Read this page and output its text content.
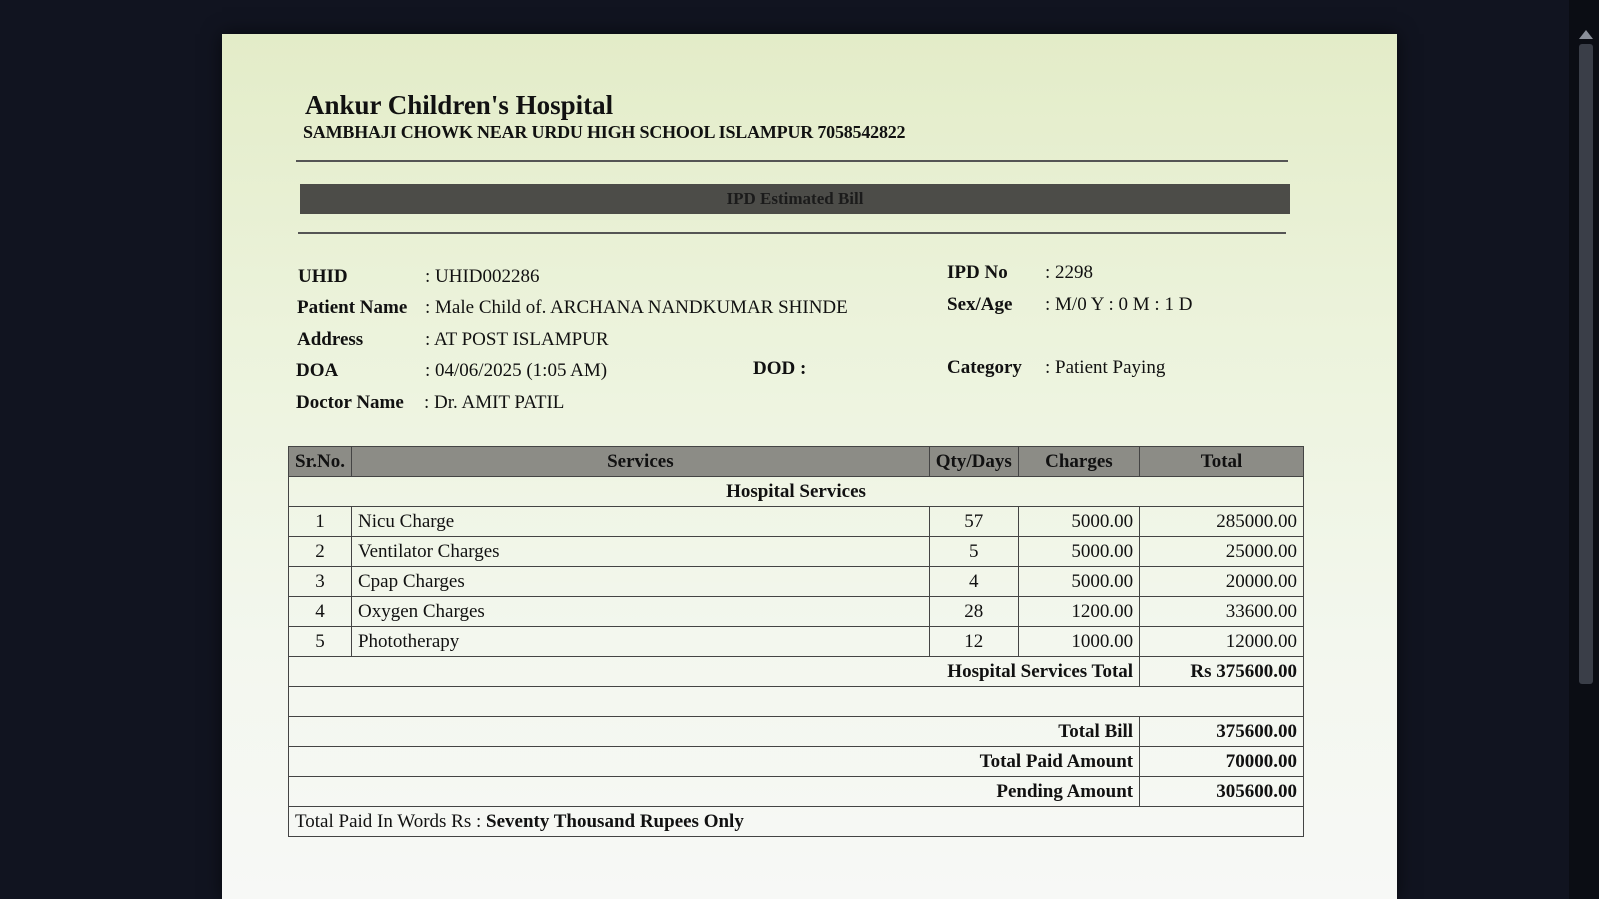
Ankur Children's Hospital
SAMBHAJI CHOWK NEAR URDU HIGH SCHOOL ISLAMPUR 7058542822
IPD Estimated Bill
UHID	: UHID002286
Patient Name : Male Child of. ARCHANA NANDKUMAR SHINDE
Address	: AT POST ISLAMPUR
DOA	: 04/06/2025 (1:05 AM)	DOD :
Doctor Name : Dr. AMIT PATIL
IPD No : 2298
Sex/Age : M/0 Y : 0 M : 1 D
Category : Patient Paying
Sr.No.	Services	Qty/Days	Charges	Total
Hospital Services				
1	Nicu Charge	57	5000.00	285000.00
2	Ventilator Charges	5	5000.00	25000.00
3	Cpap Charges	4	5000.00	20000.00
4	Oxygen Charges	28	1200.00	33600.00
5	Phototherapy	12	1000.00	12000.00
Hospital Services Total				Rs 375600.00

Total Bill				375600.00
Total Paid Amount				70000.00
Pending Amount				305600.00
Total Paid In Words Rs : Seventy Thousand Rupees Only				
